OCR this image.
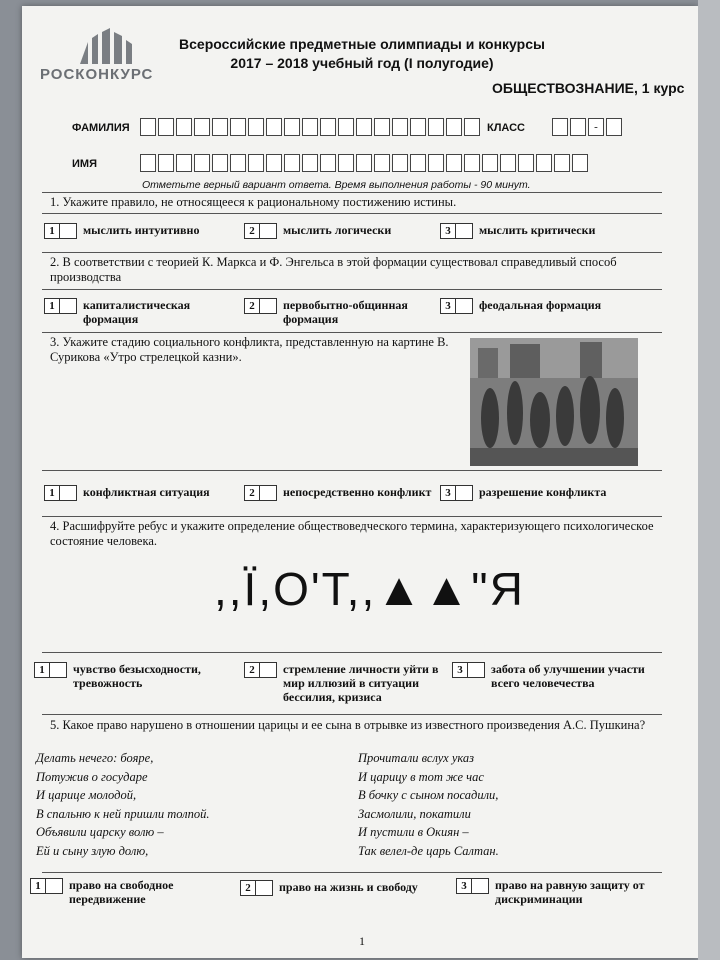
РОСКОНКУРС
Всероссийские предметные олимпиады и конкурсы
2017 – 2018 учебный год (I полугодие)
ОБЩЕСТВОЗНАНИЕ, 1 курс
ФАМИЛИЯ	КЛАСС	-
ИМЯ
Отметьте верный вариант ответа. Время выполнения работы - 90 минут.
1. Укажите правило, не относящееся к рациональному постижению истины.
1	мыслить интуитивно	2	мыслить логически	3	мыслить критически
2. В соответствии с теорией К. Маркса и Ф. Энгельса в этой формации существовал справедливый способ производства
1	капиталистическая формация
2	первобытно-общинная формация
3	феодальная формация
3. Укажите стадию социального конфликта, представленную на картине В. Сурикова «Утро стрелецкой казни».
1	конфликтная ситуация	2	непосредственно конфликт	3	разрешение конфликта
4. Расшифруйте ребус и укажите определение обществоведческого термина, характеризующего психологическое состояние человека.
,,Ї,О'Т,,▲▲"Я
1	чувство безысходности, тревожность
2	стремление личности уйти в мир иллюзий в ситуации бессилия, кризиса
3	забота об улучшении участи всего человечества
5. Какое право нарушено в отношении царицы и ее сына в отрывке из известного произведения А.С. Пушкина?
Делать нечего: бояре,
Потужив о государе
И царице молодой,
В спальню к ней пришли толпой.
Объявили царску волю –
Ей и сыну злую долю,
Прочитали вслух указ
И царицу в тот же час
В бочку с сыном посадили,
Засмолили, покатили
И пустили в Окиян –
Так велел-де царь Салтан.
1	право на свободное передвижение
2	право на жизнь и свободу	3	право на равную защиту от дискриминации
1
